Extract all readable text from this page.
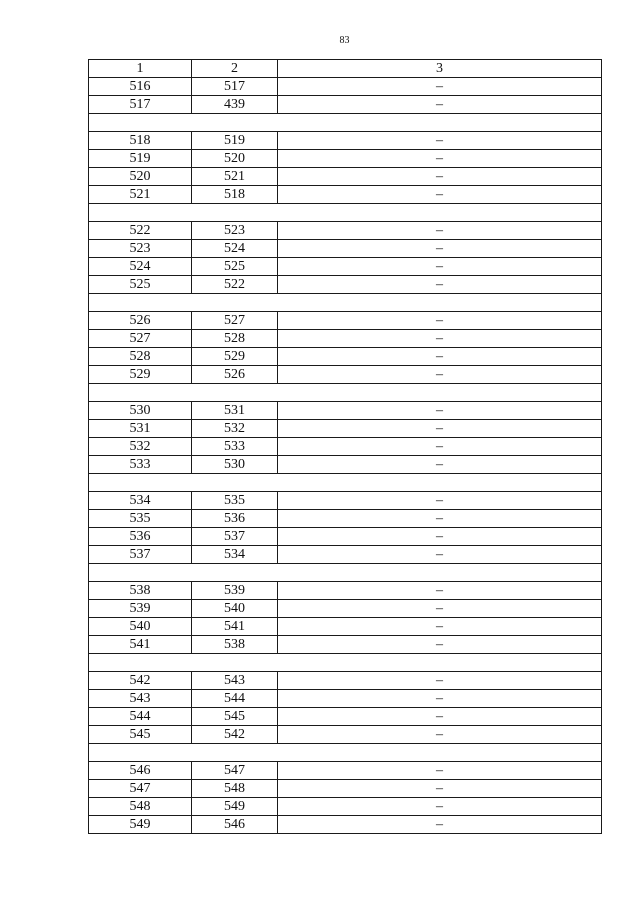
83
1	2	3
516	517	–
517	439	–

518	519	–
519	520	–
520	521	–
521	518	–

522	523	–
523	524	–
524	525	–
525	522	–

526	527	–
527	528	–
528	529	–
529	526	–

530	531	–
531	532	–
532	533	–
533	530	–

534	535	–
535	536	–
536	537	–
537	534	–

538	539	–
539	540	–
540	541	–
541	538	–

542	543	–
543	544	–
544	545	–
545	542	–

546	547	–
547	548	–
548	549	–
549	546	–
